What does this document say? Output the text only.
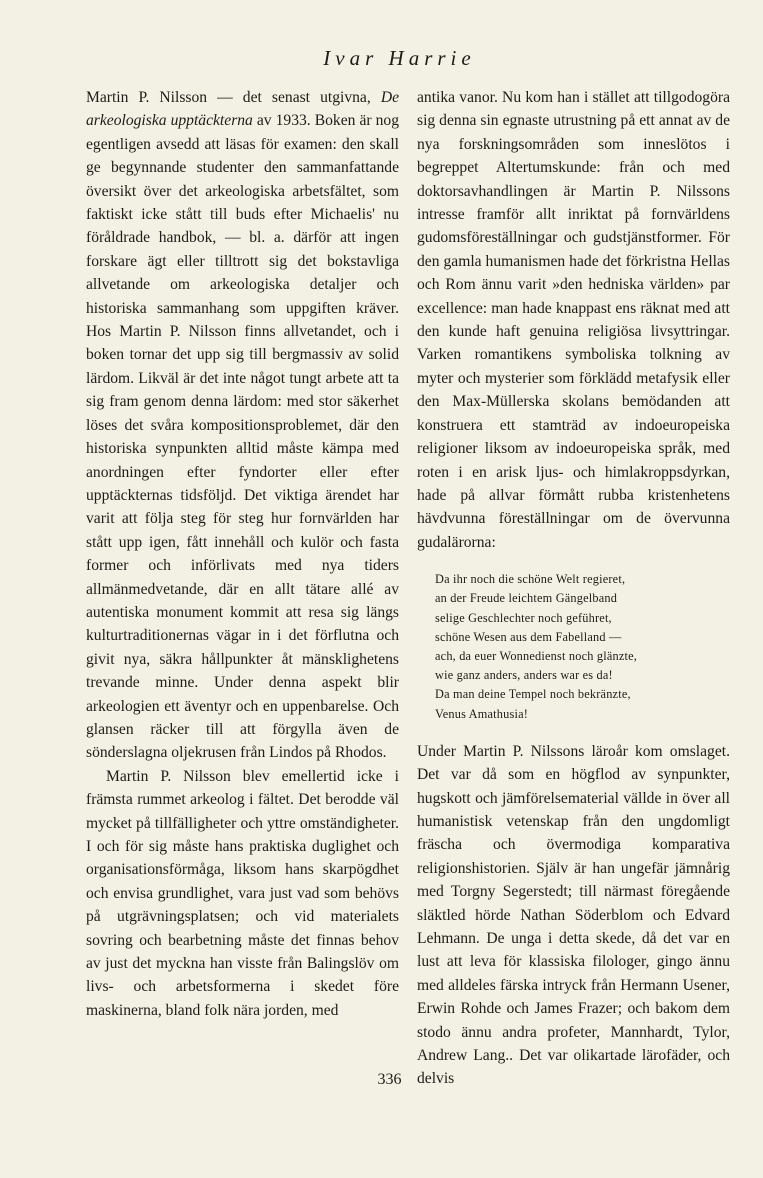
Ivar Harrie

Martin P. Nilsson — det senast utgivna, De arkeologiska upptäckterna av 1933. Boken är nog egentligen avsedd att läsas för examen: den skall ge begynnande studenter den sammanfattande översikt över det arkeologiska arbetsfältet, som faktiskt icke stått till buds efter Michaelis' nu föråldrade handbok, — bl. a. därför att ingen forskare ägt eller tilltrott sig det bokstavliga allvetande om arkeologiska detaljer och historiska sammanhang som uppgiften kräver. Hos Martin P. Nilsson finns allvetandet, och i boken tornar det upp sig till bergmassiv av solid lärdom. Likväl är det inte något tungt arbete att ta sig fram genom denna lärdom: med stor säkerhet löses det svåra kompositionsproblemet, där den historiska synpunkten alltid måste kämpa med anordningen efter fyndorter eller efter upptäckternas tidsföljd. Det viktiga ärendet har varit att följa steg för steg hur fornvärlden har stått upp igen, fått innehåll och kulör och fasta former och införlivats med nya tiders allmänmedvetande, där en allt tätare allé av autentiska monument kommit att resa sig längs kulturtraditionernas vägar in i det förflutna och givit nya, säkra hållpunkter åt mänsklighetens trevande minne. Under denna aspekt blir arkeologien ett äventyr och en uppenbarelse. Och glansen räcker till att förgylla även de sönderslagna oljekrusen från Lindos på Rhodos.

Martin P. Nilsson blev emellertid icke i främsta rummet arkeolog i fältet. Det berodde väl mycket på tillfälligheter och yttre omständigheter. I och för sig måste hans praktiska duglighet och organisationsförmåga, liksom hans skarpögdhet och envisa grundlighet, vara just vad som behövs på utgrävningsplatsen; och vid materialets sovring och bearbetning måste det finnas behov av just det myckna han visste från Balingslöv om livs- och arbetsformerna i skedet före maskinerna, bland folk nära jorden, med

antika vanor. Nu kom han i stället att tillgodogöra sig denna sin egnaste utrustning på ett annat av de nya forskningsområden som inneslötos i begreppet Altertumskunde: från och med doktorsavhandlingen är Martin P. Nilssons intresse framför allt inriktat på fornvärldens gudomsföreställningar och gudstjänstformer. För den gamla humanismen hade det förkristna Hellas och Rom ännu varit »den hedniska världen» par excellence: man hade knappast ens räknat med att den kunde haft genuina religiösa livsyttringar. Varken romantikens symboliska tolkning av myter och mysterier som förklädd metafysik eller den Max-Müllerska skolans bemödanden att konstruera ett stamträd av indoeuropeiska religioner liksom av indoeuropeiska språk, med roten i en arisk ljus- och himlakroppsdyrkan, hade på allvar förmått rubba kristenhetens hävdvunna föreställningar om de övervunna gudalärorna:

Da ihr noch die schöne Welt regieret,
an der Freude leichtem Gängelband
selige Geschlechter noch geführet,
schöne Wesen aus dem Fabelland —
ach, da euer Wonnedienst noch glänzte,
wie ganz anders, anders war es da!
Da man deine Tempel noch bekränzte,
Venus Amathusia!

Under Martin P. Nilssons läroår kom omslaget. Det var då som en högflod av synpunkter, hugskott och jämförelsematerial vällde in över all humanistisk vetenskap från den ungdomligt fräscha och övermodiga komparativa religionshistorien. Själv är han ungefär jämnårig med Torgny Segerstedt; till närmast föregående släktled hörde Nathan Söderblom och Edvard Lehmann. De unga i detta skede, då det var en lust att leva för klassiska filologer, gingo ännu med alldeles färska intryck från Hermann Usener, Erwin Rohde och James Frazer; och bakom dem stodo ännu andra profeter, Mannhardt, Tylor, Andrew Lang.. Det var olikartade lärofäder, och delvis

336
